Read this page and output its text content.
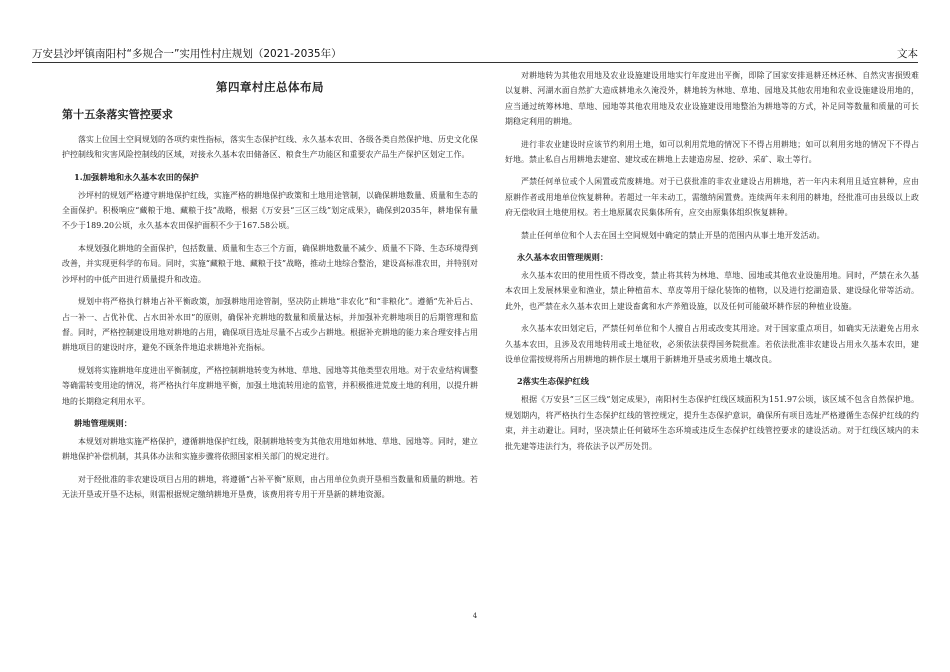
万安县沙坪镇南阳村“多规合一”实用性村庄规划（2021-2035年）	文本
第四章村庄总体布局
第十五条落实管控要求

落实上位国土空间规划的各项约束性指标，落实生态保护红线、永久基本农田、各级各类自然保护地、历史文化保护控制线和灾害风险控制线的区域，对接永久基本农田储备区、粮食生产功能区和重要农产品生产保护区划定工作。

1.加强耕地和永久基本农田的保护

沙坪村的规划严格遵守耕地保护红线，实施严格的耕地保护政策和土地用途管制，以确保耕地数量、质量和生态的全面保护。积极响应“藏粮于地、藏粮于技”战略，根据《万安县“三区三线”划定成果》，确保到2035年，耕地保有量不少于189.20公顷，永久基本农田保护面积不少于167.58公顷。

本规划强化耕地的全面保护，包括数量、质量和生态三个方面，确保耕地数量不减少、质量不下降、生态环境得到改善，并实现更科学的布局。同时，实施“藏粮于地、藏粮于技”战略，推动土地综合整治，建设高标准农田，并特别对沙坪村的中低产田进行质量提升和改造。

规划中将严格执行耕地占补平衡政策，加强耕地用途管制，坚决防止耕地“非农化”和“非粮化”。遵循“先补后占、占一补一、占优补优、占水田补水田”的原则，确保补充耕地的数量和质量达标，并加强补充耕地项目的后期管理和监督。同时，严格控制建设用地对耕地的占用，确保项目选址尽量不占或少占耕地。根据补充耕地的能力来合理安排占用耕地项目的建设时序，避免不顾条件地追求耕地补充指标。

规划将实施耕地年度进出平衡制度，严格控制耕地转变为林地、草地、园地等其他类型农用地。对于农业结构调整等确需转变用途的情况，将严格执行年度耕地平衡，加强土地流转用途的监管，并积极推进荒废土地的利用，以提升耕地的长期稳定利用水平。

耕地管理规则：

本规划对耕地实施严格保护，遵循耕地保护红线，限制耕地转变为其他农用地如林地、草地、园地等。同时，建立耕地保护补偿机制，其具体办法和实施步骤将依照国家相关部门的规定进行。

对于经批准的非农建设项目占用的耕地，将遵循“占补平衡”原则，由占用单位负责开垦相当数量和质量的耕地。若无法开垦或开垦不达标，则需根据规定缴纳耕地开垦费，该费用将专用于开垦新的耕地资源。

对耕地转为其他农用地及农业设施建设用地实行年度进出平衡，即除了国家安排退耕还林还林、自然灾害损毁难以复耕、河湖水面自然扩大造成耕地永久淹没外，耕地转为林地、草地、园地及其他农用地和农业设施建设用地的，应当通过统筹林地、草地、园地等其他农用地及农业设施建设用地整治为耕地等的方式，补足同等数量和质量的可长期稳定利用的耕地。

进行非农业建设时应该节约利用土地，如可以利用荒地的情况下不得占用耕地；如可以利用劣地的情况下不得占好地。禁止私自占用耕地去建窑、建坟或在耕地上去建造房屋、挖砂、采矿、取土等行。

严禁任何单位或个人闲置或荒废耕地。对于已获批准的非农业建设占用耕地，若一年内未利用且适宜耕种，应由原耕作者或用地单位恢复耕种。若超过一年未动工，需缴纳闲置费。连续两年未利用的耕地，经批准可由县级以上政府无偿收回土地使用权。若土地原属农民集体所有，应交由原集体组织恢复耕种。

禁止任何单位和个人去在国土空间规划中确定的禁止开垦的范围内从事土地开发活动。

永久基本农田管理规则：

永久基本农田的使用性质不得改变，禁止将其转为林地、草地、园地或其他农业设施用地。同时，严禁在永久基本农田上发展林果业和渔业，禁止种植苗木、草皮等用于绿化装饰的植物，以及进行挖湖造景、建设绿化带等活动。此外，也严禁在永久基本农田上建设畜禽和水产养殖设施，以及任何可能破坏耕作层的种植业设施。

永久基本农田划定后，严禁任何单位和个人擅自占用或改变其用途。对于国家重点项目，如确实无法避免占用永久基本农田，且涉及农用地转用或土地征收，必须依法获得国务院批准。若依法批准非农建设占用永久基本农田，建设单位需按规将所占用耕地的耕作层土壤用于新耕地开垦或劣质地土壤改良。

2落实生态保护红线

根据《万安县“三区三线”划定成果》，南阳村生态保护红线区域面积为151.97公顷，该区域不包含自然保护地。规划期内，将严格执行生态保护红线的管控规定，提升生态保护意识，确保所有项目选址严格遵循生态保护红线的约束，并主动避让。同时，坚决禁止任何破坏生态环境或违反生态保护红线管控要求的建设活动。对于红线区域内的未批先建等违法行为，将依法予以严厉处罚。

4
